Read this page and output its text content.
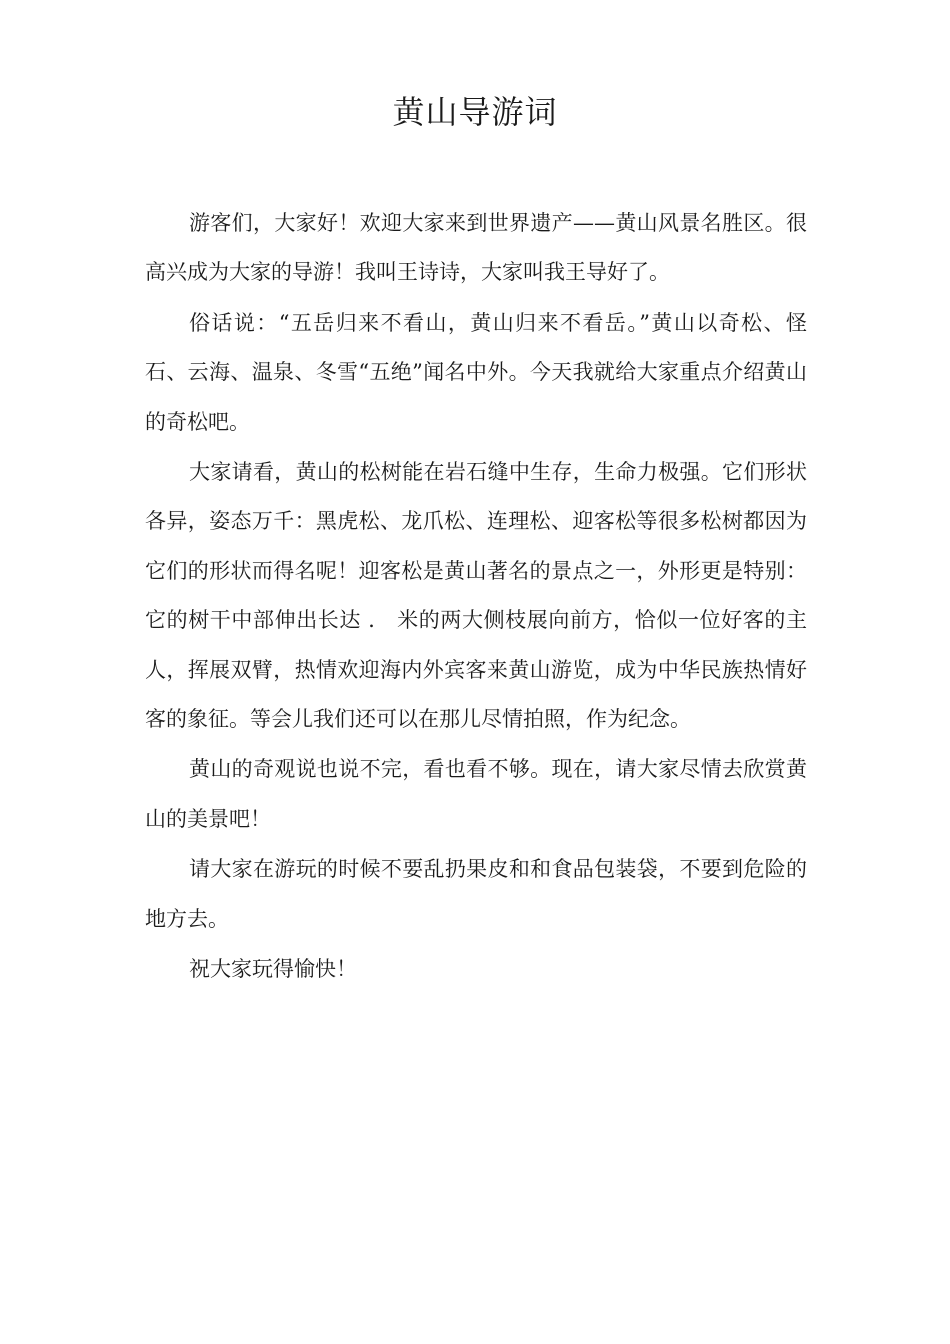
黄山导游词

游客们，大家好！欢迎大家来到世界遗产——黄山风景名胜区。很高兴成为大家的导游！我叫王诗诗，大家叫我王导好了。

俗话说：“五岳归来不看山，黄山归来不看岳。”黄山以奇松、怪石、云海、温泉、冬雪“五绝”闻名中外。今天我就给大家重点介绍黄山的奇松吧。

大家请看，黄山的松树能在岩石缝中生存，生命力极强。它们形状各异，姿态万千：黑虎松、龙爪松、连理松、迎客松等很多松树都因为它们的形状而得名呢！迎客松是黄山著名的景点之一，外形更是特别：它的树干中部伸出长达 ． 米的两大侧枝展向前方，恰似一位好客的主人，挥展双臂，热情欢迎海内外宾客来黄山游览，成为中华民族热情好客的象征。等会儿我们还可以在那儿尽情拍照，作为纪念。

黄山的奇观说也说不完，看也看不够。现在，请大家尽情去欣赏黄山的美景吧！

请大家在游玩的时候不要乱扔果皮和和食品包装袋，不要到危险的地方去。

祝大家玩得愉快！
